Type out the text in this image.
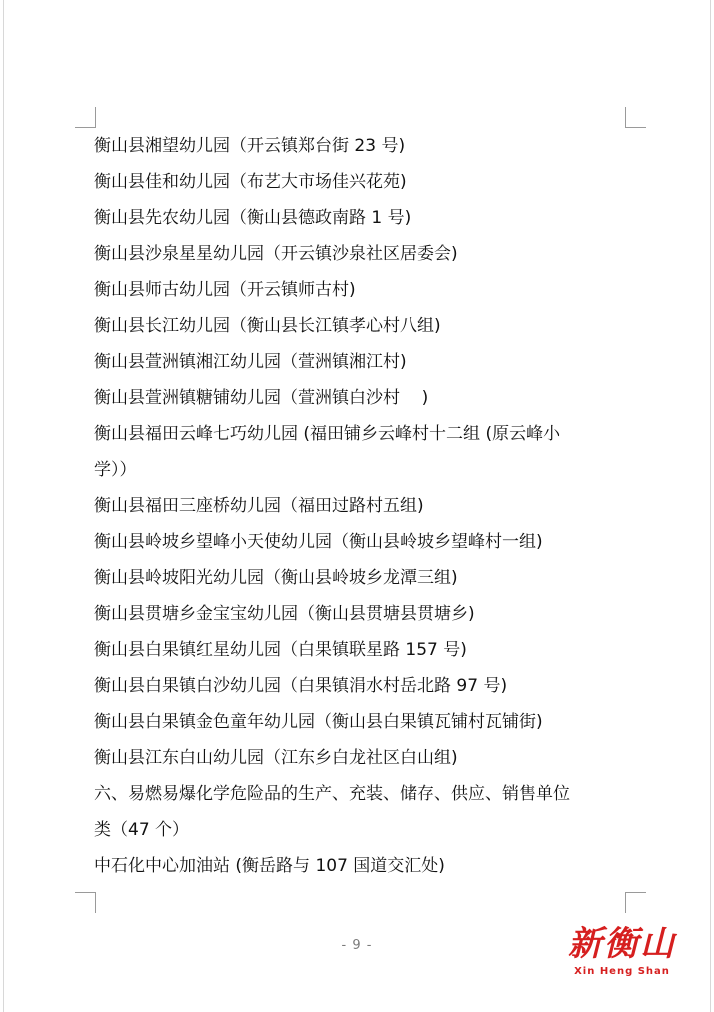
衡山县湘望幼儿园（开云镇郑台街 23 号)

衡山县佳和幼儿园（布艺大市场佳兴花苑)

衡山县先农幼儿园（衡山县德政南路 1 号)

衡山县沙泉星星幼儿园（开云镇沙泉社区居委会)

衡山县师古幼儿园（开云镇师古村)

衡山县长江幼儿园（衡山县长江镇孝心村八组)

衡山县萱洲镇湘江幼儿园（萱洲镇湘江村)

衡山县萱洲镇糖铺幼儿园（萱洲镇白沙村    )

衡山县福田云峰七巧幼儿园 (福田铺乡云峰村十二组 (原云峰小

学））

衡山县福田三座桥幼儿园（福田过路村五组)

衡山县岭坡乡望峰小天使幼儿园（衡山县岭坡乡望峰村一组)

衡山县岭坡阳光幼儿园（衡山县岭坡乡龙潭三组)

衡山县贯塘乡金宝宝幼儿园（衡山县贯塘县贯塘乡)

衡山县白果镇红星幼儿园（白果镇联星路 157 号)

衡山县白果镇白沙幼儿园（白果镇涓水村岳北路 97 号)

衡山县白果镇金色童年幼儿园（衡山县白果镇瓦铺村瓦铺街)

衡山县江东白山幼儿园（江东乡白龙社区白山组)

六、易燃易爆化学危险品的生产、充装、储存、供应、销售单位

类（47 个）

中石化中心加油站 (衡岳路与 107 国道交汇处)

- 9 -	新衡山
Xin Heng Shan
